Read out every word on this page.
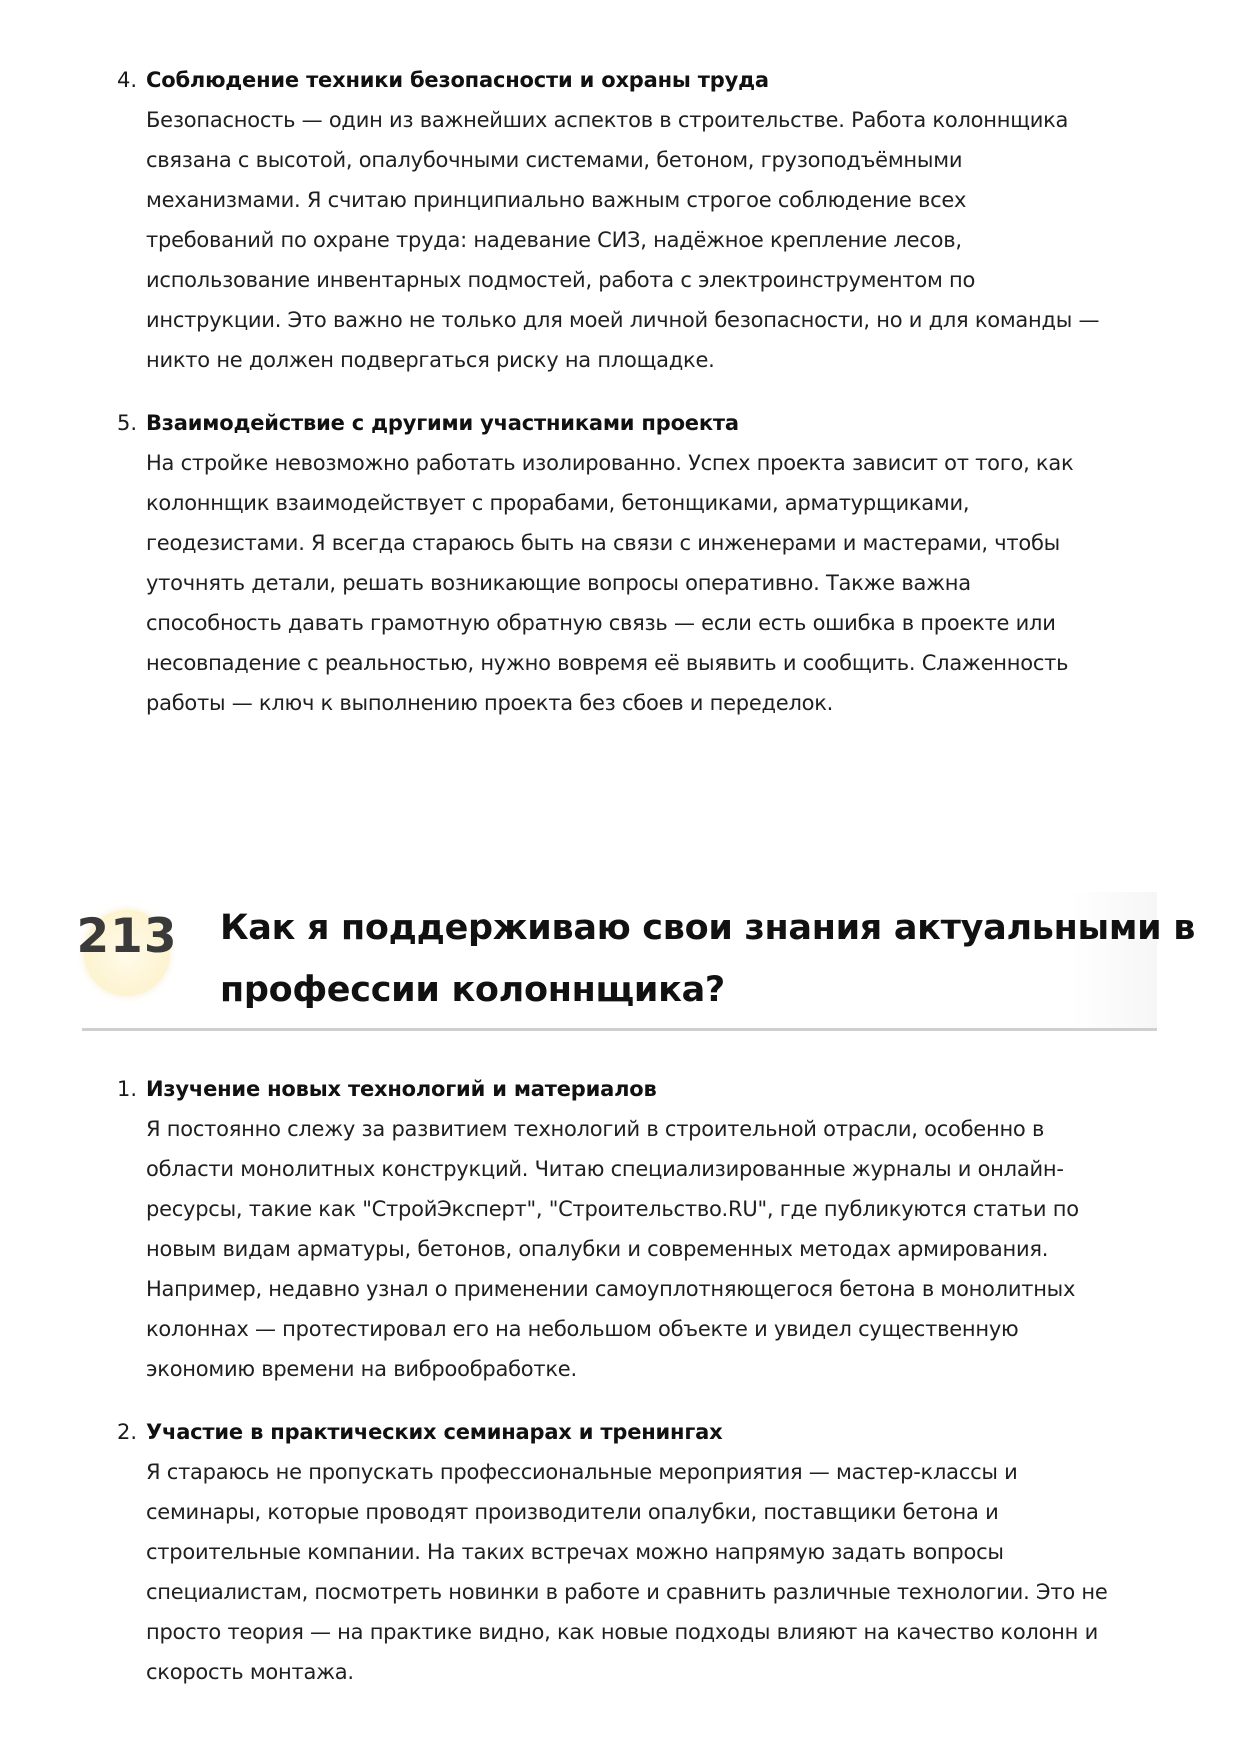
4. Соблюдение техники безопасности и охраны труда
Безопасность — один из важнейших аспектов в строительстве. Работа колоннщика
связана с высотой, опалубочными системами, бетоном, грузоподъёмными
механизмами. Я считаю принципиально важным строгое соблюдение всех
требований по охране труда: надевание СИЗ, надёжное крепление лесов,
использование инвентарных подмостей, работа с электроинструментом по
инструкции. Это важно не только для моей личной безопасности, но и для команды —
никто не должен подвергаться риску на площадке.
5. Взаимодействие с другими участниками проекта
На стройке невозможно работать изолированно. Успех проекта зависит от того, как
колоннщик взаимодействует с прорабами, бетонщиками, арматурщиками,
геодезистами. Я всегда стараюсь быть на связи с инженерами и мастерами, чтобы
уточнять детали, решать возникающие вопросы оперативно. Также важна
способность давать грамотную обратную связь — если есть ошибка в проекте или
несовпадение с реальностью, нужно вовремя её выявить и сообщить. Слаженность
работы — ключ к выполнению проекта без сбоев и переделок.
213 Как я поддерживаю свои знания актуальными в
профессии колоннщика?
1. Изучение новых технологий и материалов
Я постоянно слежу за развитием технологий в строительной отрасли, особенно в
области монолитных конструкций. Читаю специализированные журналы и онлайн-
ресурсы, такие как "СтройЭксперт", "Строительство.RU", где публикуются статьи по
новым видам арматуры, бетонов, опалубки и современных методах армирования.
Например, недавно узнал о применении самоуплотняющегося бетона в монолитных
колоннах — протестировал его на небольшом объекте и увидел существенную
экономию времени на виброобработке.
2. Участие в практических семинарах и тренингах
Я стараюсь не пропускать профессиональные мероприятия — мастер-классы и
семинары, которые проводят производители опалубки, поставщики бетона и
строительные компании. На таких встречах можно напрямую задать вопросы
специалистам, посмотреть новинки в работе и сравнить различные технологии. Это не
просто теория — на практике видно, как новые подходы влияют на качество колонн и
скорость монтажа.
